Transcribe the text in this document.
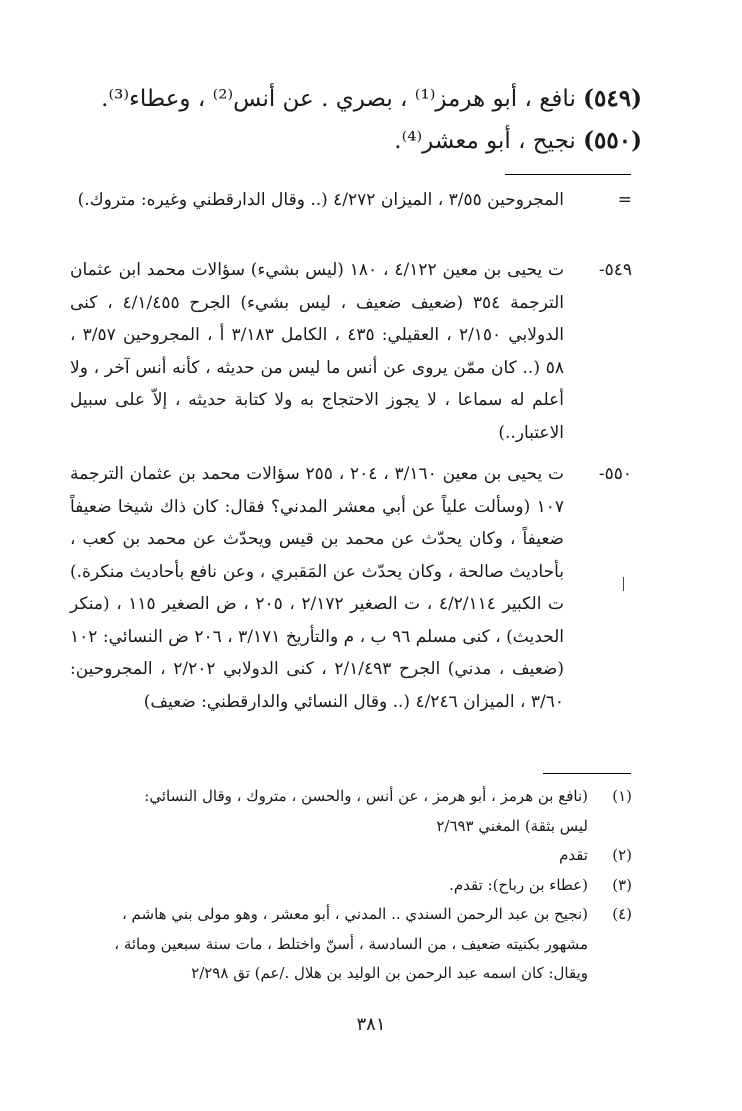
(٥٤٩) نافع ، أبو هرمز⁽¹⁾ ، بصري . عن أنس⁽²⁾ ، وعطاء⁽³⁾.
(٥٥٠) نجيح ، أبو معشر⁽⁴⁾.
=
المجروحين ٣/٥٥ ، الميزان ٤/٢٧٢ (.. وقال الدارقطني وغيره: متروك.)
٥٤٩-
ت يحيى بن معين ٤/١٢٢ ، ١٨٠ (ليس بشيء) سؤالات محمد ابن عثمان الترجمة ٣٥٤ (ضعيف ضعيف ، ليس بشيء) الجرح ٤/١/٤٥٥ ، كنى الدولابي ٢/١٥٠ ، العقيلي: ٤٣٥ ، الكامل ٣/١٨٣ أ ، المجروحين ٣/٥٧ ، ٥٨ (.. كان ممّن يروى عن أنس ما ليس من حديثه ، كأنه أنس آخر ، ولا أعلم له سماعا ، لا يجوز الاحتجاج به ولا كتابة حديثه ، إلاّ على سبيل الاعتبار..)
٥٥٠-
ت يحيى بن معين ٣/١٦٠ ، ٢٠٤ ، ٢٥٥ سؤالات محمد بن عثمان الترجمة ١٠٧ (وسألت علياً عن أبي معشر المدني؟ فقال: كان ذاك شيخا ضعيفاً ضعيفاً ، وكان يحدّث عن محمد بن قيس ويحدّث عن محمد بن كعب ، بأحاديث صالحة ، وكان يحدّث عن المَقبري ، وعن نافع بأحاديث منكرة.) ت الكبير ٤/٢/١١٤ ، ت الصغير ٢/١٧٢ ، ٢٠٥ ، ض الصغير ١١٥ ، (منكر الحديث) ، كنى مسلم ٩٦ ب ، م والتأريخ ٣/١٧١ ، ٢٠٦ ض النسائي: ١٠٢ (ضعيف ، مدني) الجرح ٢/١/٤٩٣ ، كنى الدولابي ٢/٢٠٢ ، المجروحين: ٣/٦٠ ، الميزان ٤/٢٤٦ (.. وقال النسائي والدارقطني: ضعيف)
(١)
(نافع بن هرمز ، أبو هرمز ، عن أنس ، والحسن ، متروك ، وقال النسائي: ليس بثقة) المغني ٢/٦٩٣
(٢)
تقدم
(٣)
(عطاء بن رباح): تقدم.
(٤)
(نجيح بن عبد الرحمن السندي .. المدني ، أبو معشر ، وهو مولى بني هاشم ، مشهور بكنيته ضعيف ، من السادسة ، أسنّ واختلط ، مات سنة سبعين ومائة ، ويقال: كان اسمه عبد الرحمن بن الوليد بن هلال ./عم) تق ٢/٢٩٨
٣٨١
